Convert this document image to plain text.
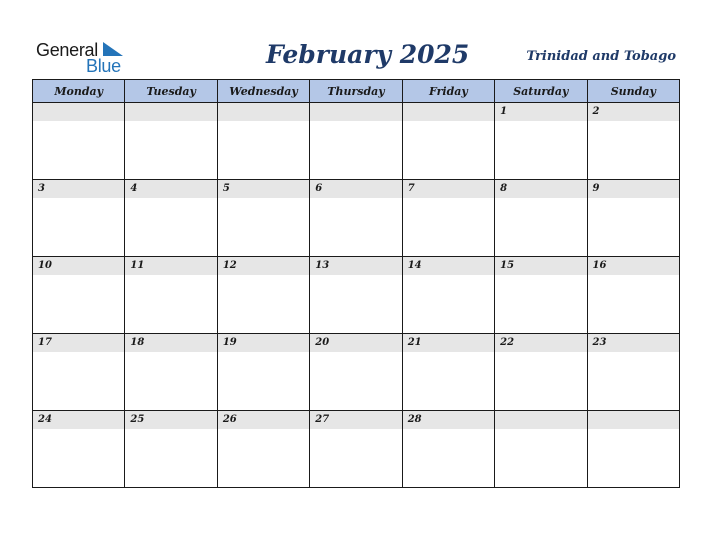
General
Blue	February 2025	Trinidad and Tobago
Monday	Tuesday	Wednesday	Thursday	Friday	Saturday	Sunday

					1	2

3	4	5	6	7	8	9

10	11	12	13	14	15	16

17	18	19	20	21	22	23

24	25	26	27	28		
